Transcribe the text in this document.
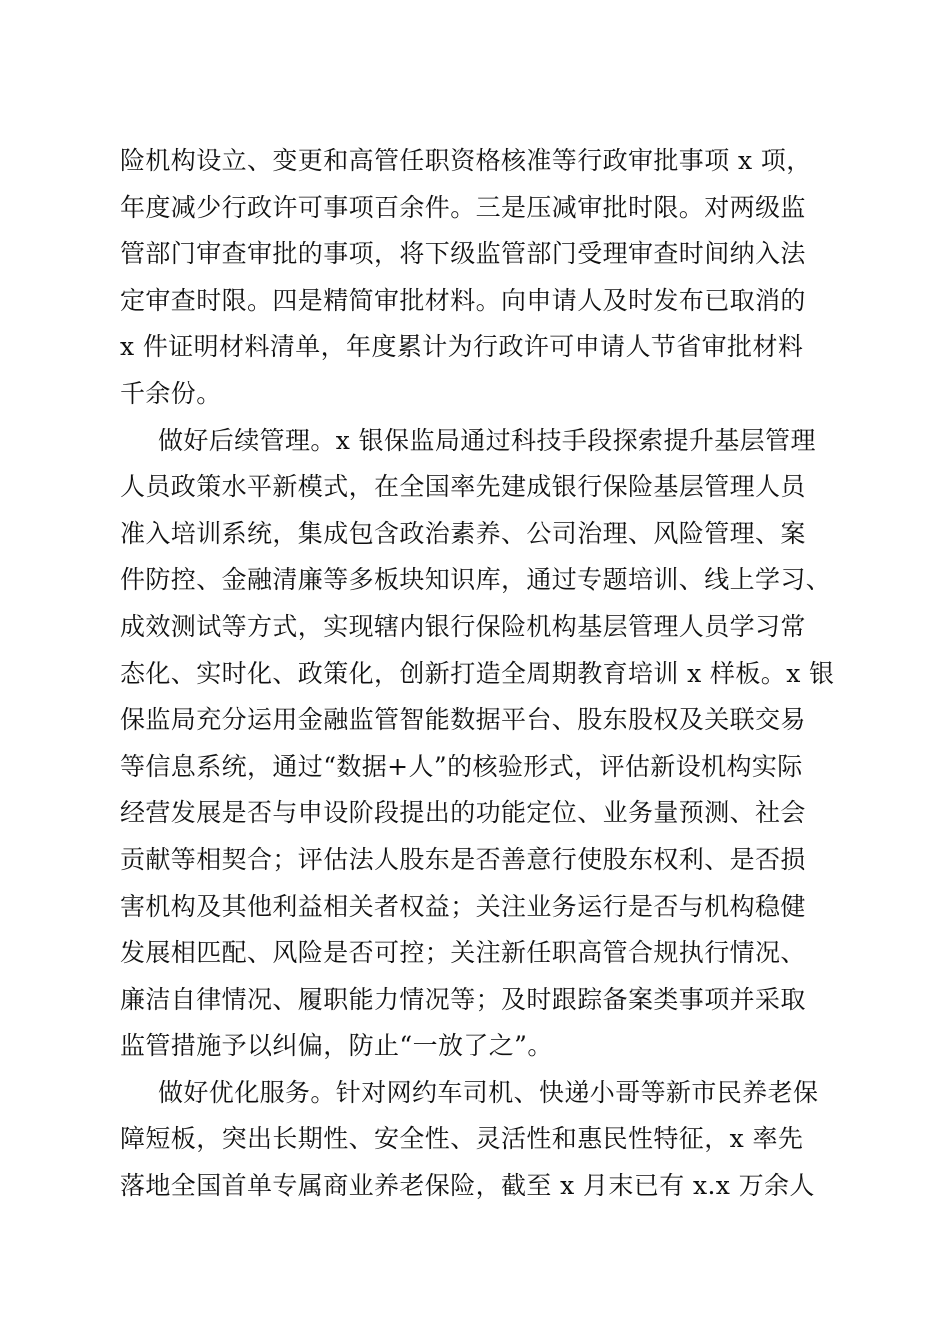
险机构设立、变更和高管任职资格核准等行政审批事项 x 项，
年度减少行政许可事项百余件。三是压减审批时限。对两级监
管部门审查审批的事项，将下级监管部门受理审查时间纳入法
定审查时限。四是精简审批材料。向申请人及时发布已取消的
x 件证明材料清单，年度累计为行政许可申请人节省审批材料
千余份。
做好后续管理。x 银保监局通过科技手段探索提升基层管理
人员政策水平新模式，在全国率先建成银行保险基层管理人员
准入培训系统，集成包含政治素养、公司治理、风险管理、案
件防控、金融清廉等多板块知识库，通过专题培训、线上学习、
成效测试等方式，实现辖内银行保险机构基层管理人员学习常
态化、实时化、政策化，创新打造全周期教育培训 x 样板。x 银
保监局充分运用金融监管智能数据平台、股东股权及关联交易
等信息系统，通过“数据+人”的核验形式，评估新设机构实际
经营发展是否与申设阶段提出的功能定位、业务量预测、社会
贡献等相契合；评估法人股东是否善意行使股东权利、是否损
害机构及其他利益相关者权益；关注业务运行是否与机构稳健
发展相匹配、风险是否可控；关注新任职高管合规执行情况、
廉洁自律情况、履职能力情况等；及时跟踪备案类事项并采取
监管措施予以纠偏，防止“一放了之”。
做好优化服务。针对网约车司机、快递小哥等新市民养老保
障短板，突出长期性、安全性、灵活性和惠民性特征，x 率先
落地全国首单专属商业养老保险，截至 x 月末已有 x.x 万余人
